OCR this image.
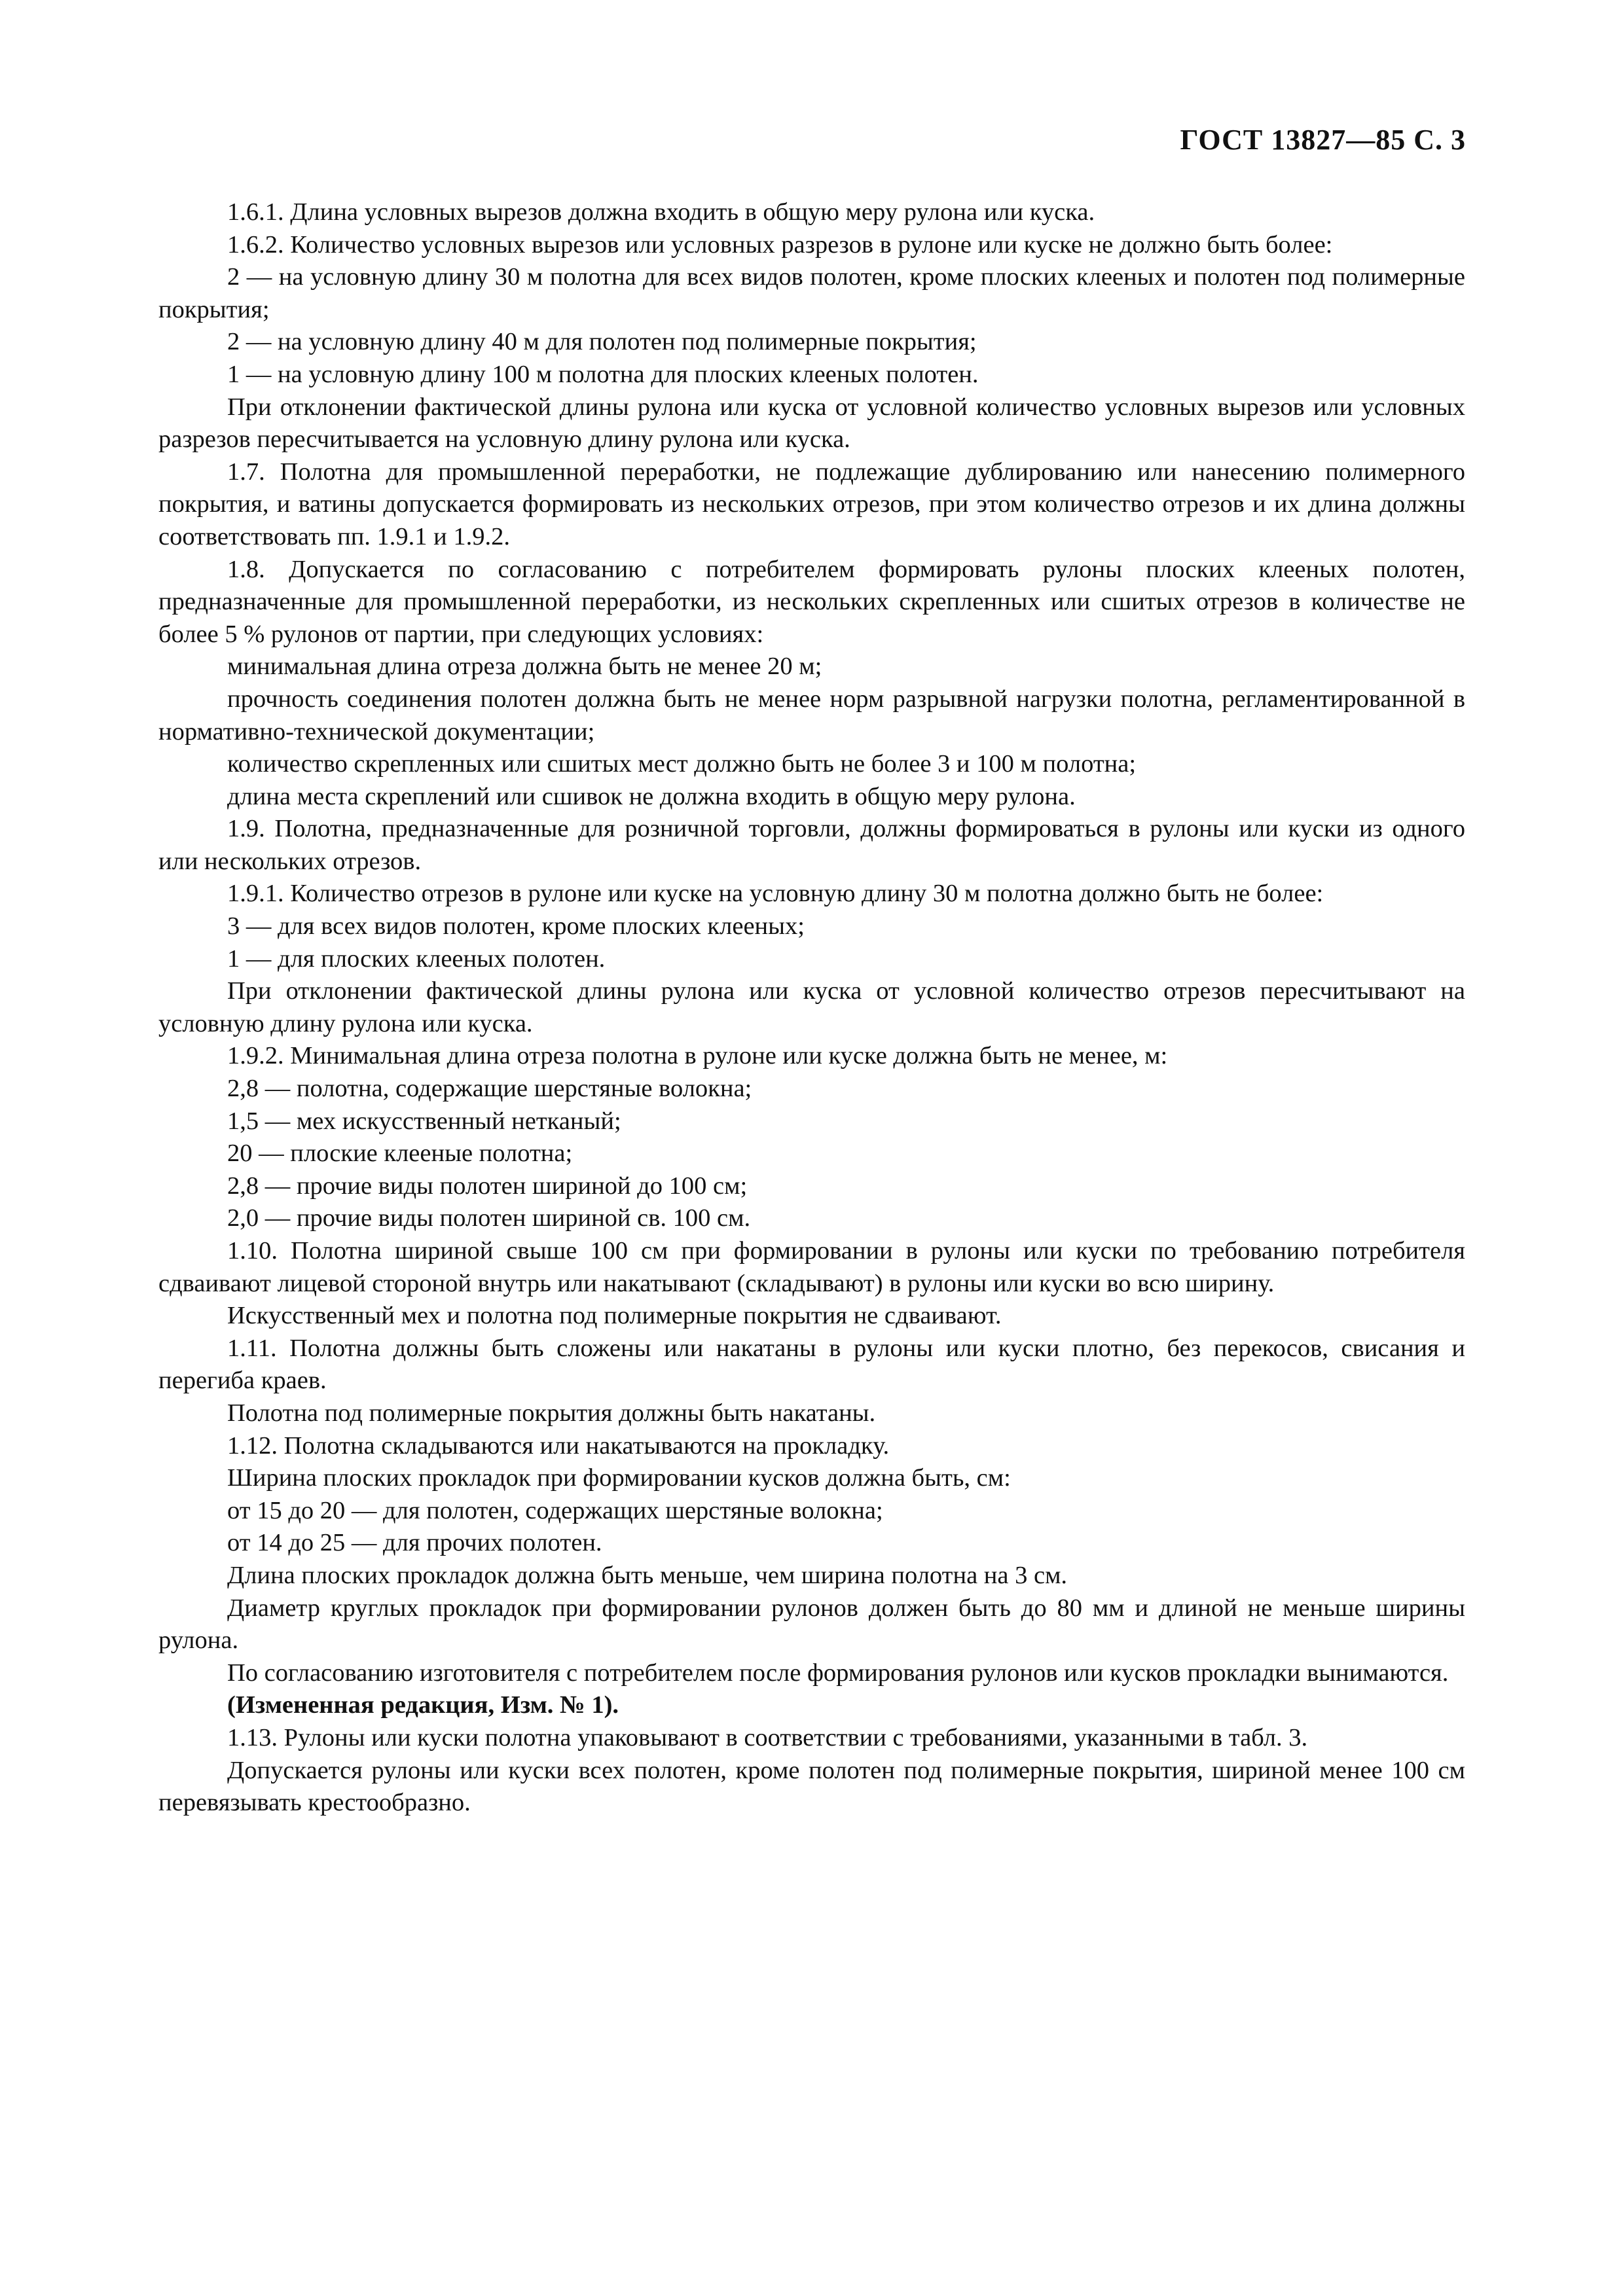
ГОСТ 13827—85 С. 3

1.6.1. Длина условных вырезов должна входить в общую меру рулона или куска.

1.6.2. Количество условных вырезов или условных разрезов в рулоне или куске не должно быть более:

2 — на условную длину 30 м полотна для всех видов полотен, кроме плоских клееных и полотен под полимерные покрытия;

2 — на условную длину 40 м для полотен под полимерные покрытия;

1 — на условную длину 100 м полотна для плоских клееных полотен.

При отклонении фактической длины рулона или куска от условной количество условных вырезов или условных разрезов пересчитывается на условную длину рулона или куска.

1.7. Полотна для промышленной переработки, не подлежащие дублированию или нанесению полимерного покрытия, и ватины допускается формировать из нескольких отрезов, при этом количество отрезов и их длина должны соответствовать пп. 1.9.1 и 1.9.2.

1.8. Допускается по согласованию с потребителем формировать рулоны плоских клееных полотен, предназначенные для промышленной переработки, из нескольких скрепленных или сшитых отрезов в количестве не более 5 % рулонов от партии, при следующих условиях:

минимальная длина отреза должна быть не менее 20 м;

прочность соединения полотен должна быть не менее норм разрывной нагрузки полотна, регламентированной в нормативно-технической документации;

количество скрепленных или сшитых мест должно быть не более 3 и 100 м полотна;

длина места скреплений или сшивок не должна входить в общую меру рулона.

1.9. Полотна, предназначенные для розничной торговли, должны формироваться в рулоны или куски из одного или нескольких отрезов.

1.9.1. Количество отрезов в рулоне или куске на условную длину 30 м полотна должно быть не более:

3 — для всех видов полотен, кроме плоских клееных;

1 — для плоских клееных полотен.

При отклонении фактической длины рулона или куска от условной количество отрезов пересчитывают на условную длину рулона или куска.

1.9.2. Минимальная длина отреза полотна в рулоне или куске должна быть не менее, м:

2,8 — полотна, содержащие шерстяные волокна;

1,5 — мех искусственный нетканый;

20 — плоские клееные полотна;

2,8 — прочие виды полотен шириной до 100 см;

2,0 — прочие виды полотен шириной св. 100 см.

1.10. Полотна шириной свыше 100 см при формировании в рулоны или куски по требованию потребителя сдваивают лицевой стороной внутрь или накатывают (складывают) в рулоны или куски во всю ширину.

Искусственный мех и полотна под полимерные покрытия не сдваивают.

1.11. Полотна должны быть сложены или накатаны в рулоны или куски плотно, без перекосов, свисания и перегиба краев.

Полотна под полимерные покрытия должны быть накатаны.

1.12. Полотна складываются или накатываются на прокладку.

Ширина плоских прокладок при формировании кусков должна быть, см:

от 15 до 20 — для полотен, содержащих шерстяные волокна;

от 14 до 25 — для прочих полотен.

Длина плоских прокладок должна быть меньше, чем ширина полотна на 3 см.

Диаметр круглых прокладок при формировании рулонов должен быть до 80 мм и длиной не меньше ширины рулона.

По согласованию изготовителя с потребителем после формирования рулонов или кусков прокладки вынимаются.

(Измененная редакция, Изм. № 1).

1.13. Рулоны или куски полотна упаковывают в соответствии с требованиями, указанными в табл. 3.

Допускается рулоны или куски всех полотен, кроме полотен под полимерные покрытия, шириной менее 100 см перевязывать крестообразно.
